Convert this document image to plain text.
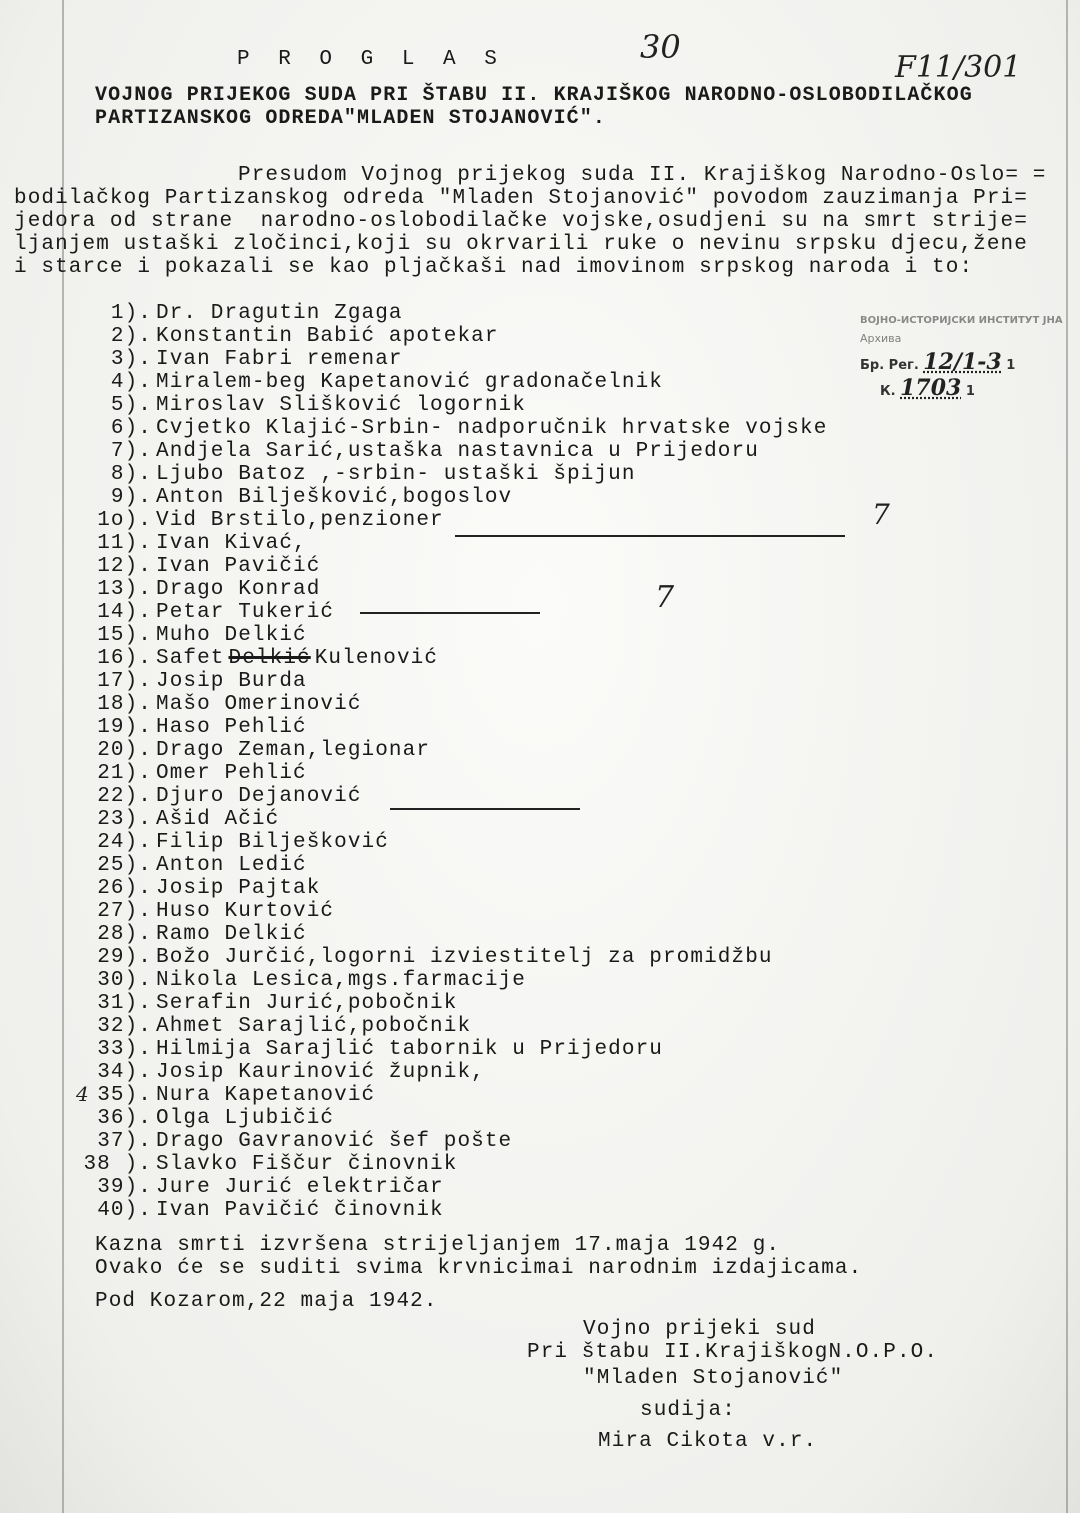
30
F11/301
P R O G L A S
VOJNOG PRIJEKOG SUDA PRI ŠTABU II. KRAJIŠKOG NARODNO-OSLOBODILAČKOG
PARTIZANSKOG ODREDA"MLADEN STOJANOVIĆ".
Presudom Vojnog prijekog suda II. Krajiškog Narodno-Oslo= =
bodilačkog Partizanskog odreda "Mladen Stojanović" povodom zauzimanja Pri=
jedora od strane  narodno-oslobodilačke vojske,osudjeni su na smrt strije=
ljanjem ustaški zločinci,koji su okrvarili ruke o nevinu srpsku djecu,žene
i starce i pokazali se kao pljačkaši nad imovinom srpskog naroda i to:
1). Dr. Dragutin Zgaga
2). Konstantin Babić apotekar
3). Ivan Fabri remenar
4). Miralem-beg Kapetanović gradonačelnik
5). Miroslav Slišković logornik
6). Cvjetko Klajić-Srbin- nadporučnik hrvatske vojske
7). Andjela Sarić,ustaška nastavnica u Prijedoru
8). Ljubo Batoz ,-srbin- ustaški špijun
9). Anton Bilješković,bogoslov
1o). Vid Brstilo,penzioner
11). Ivan Kivać,
12). Ivan Pavičić
13). Drago Konrad
14). Petar Tukerić
15). Muho Delkić
16). Safet Delkić Kulenović
17). Josip Burda
18). Mašo Omerinović
19). Haso Pehlić
20). Drago Zeman,legionar
21). Omer Pehlić
22). Djuro Dejanović
23). Ašid Ačić
24). Filip Bilješković
25). Anton Ledić
26). Josip Pajtak
27). Huso Kurtović
28). Ramo Delkić
29). Božo Jurčić,logorni izviestitelj za promidžbu
30). Nikola Lesica,mgs.farmacije
31). Serafin Jurić,pobočnik
32). Ahmet Sarajlić,pobočnik
33). Hilmija Sarajlić tabornik u Prijedoru
34). Josip Kaurinović župnik,
35). Nura Kapetanović
36). Olga Ljubičić
37). Drago Gavranović šef pošte
38 ). Slavko Fiščur činovnik
39). Jure Jurić električar
40). Ivan Pavičić činovnik
7
7
4
ВОЈНО-ИСТОРИЈСКИ ИНСТИТУТ ЈНА
Архива
Бр. Рег. 12/1-3 1
К. 1703 1
Kazna smrti izvršena strijeljanjem 17.maja 1942 g.
Ovako će se suditi svima krvnicimai narodnim izdajicama.
Pod Kozarom,22 maja 1942.
Vojno prijeki sud
Pri štabu II.KrajiškogN.O.P.O.
"Mladen Stojanović"
sudija:
Mira Cikota v.r.
